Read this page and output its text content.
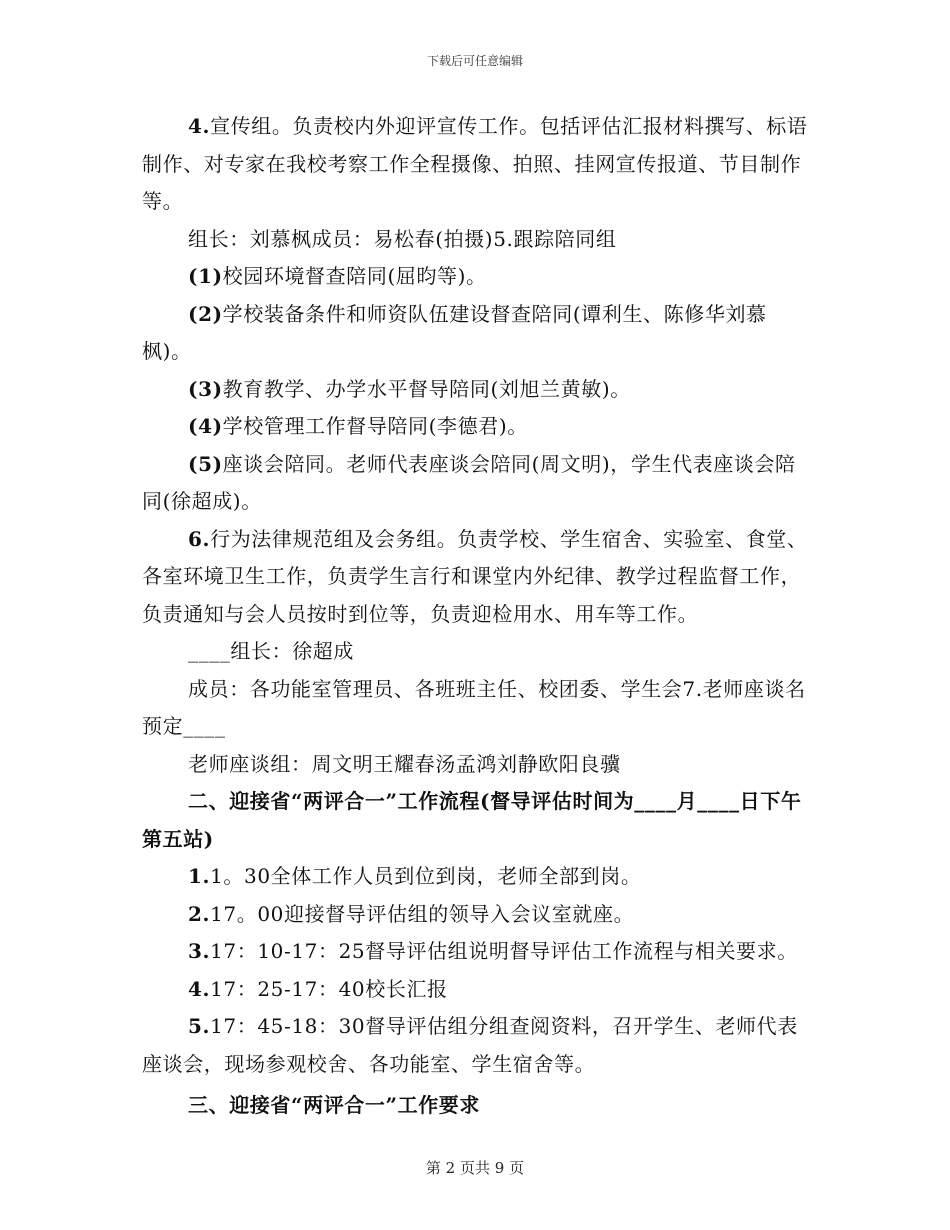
下载后可任意编辑

4.宣传组。负责校内外迎评宣传工作。包括评估汇报材料撰写、标语制作、对专家在我校考察工作全程摄像、拍照、挂网宣传报道、节目制作等。

组长：刘慕枫成员：易松春(拍摄)5.跟踪陪同组

(1)校园环境督查陪同(屈昀等)。

(2)学校装备条件和师资队伍建设督查陪同(谭利生、陈修华刘慕枫)。

(3)教育教学、办学水平督导陪同(刘旭兰黄敏)。

(4)学校管理工作督导陪同(李德君)。

(5)座谈会陪同。老师代表座谈会陪同(周文明)，学生代表座谈会陪同(徐超成)。

6.行为法律规范组及会务组。负责学校、学生宿舍、实验室、食堂、各室环境卫生工作，负责学生言行和课堂内外纪律、教学过程监督工作，负责通知与会人员按时到位等，负责迎检用水、用车等工作。

____组长：徐超成

成员：各功能室管理员、各班班主任、校团委、学生会7.老师座谈名预定____

老师座谈组：周文明王耀春汤孟鸿刘静欧阳良骥

二、迎接省“两评合一”工作流程(督导评估时间为____月____日下午第五站)

1.1。30全体工作人员到位到岗，老师全部到岗。

2.17。00迎接督导评估组的领导入会议室就座。

3.17：10-17：25督导评估组说明督导评估工作流程与相关要求。

4.17：25-17：40校长汇报

5.17：45-18：30督导评估组分组查阅资料，召开学生、老师代表座谈会，现场参观校舍、各功能室、学生宿舍等。

三、迎接省“两评合一”工作要求

第 2 页共 9 页
